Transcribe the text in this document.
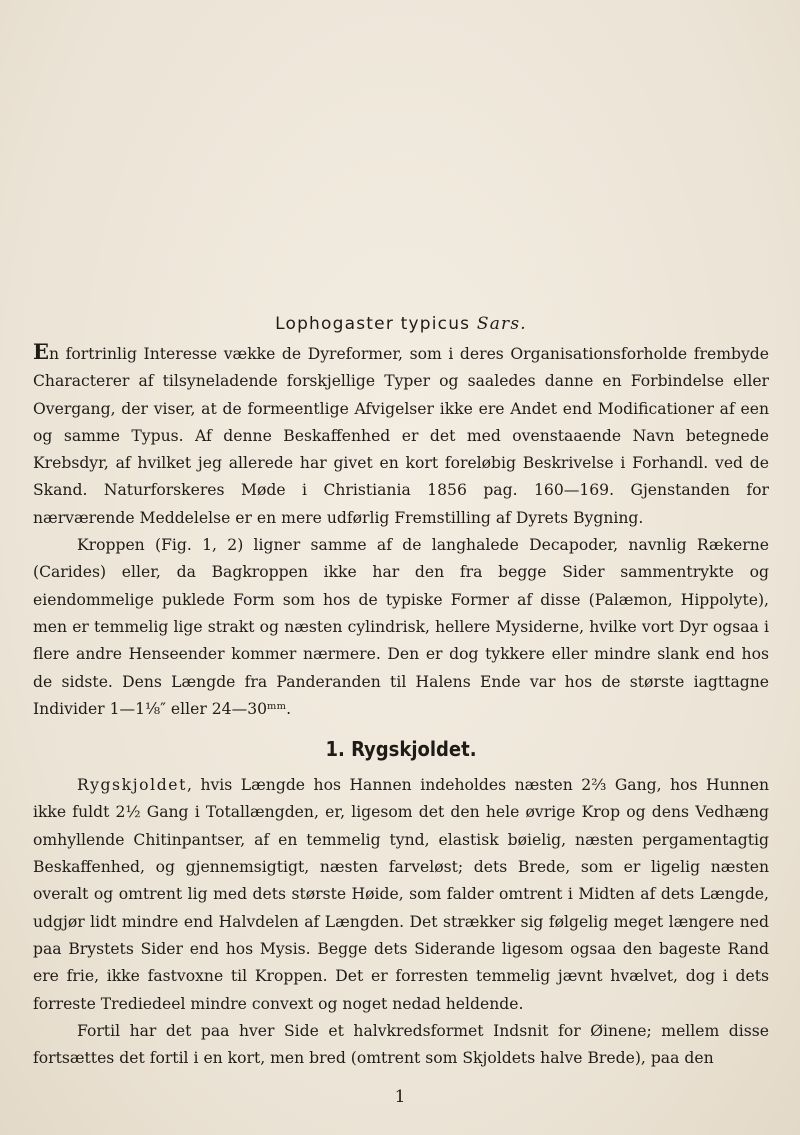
Lophogaster typicus Sars.

En fortrinlig Interesse vække de Dyreformer, som i deres Organisationsforholde frembyde Characterer af tilsyneladende forskjellige Typer og saaledes danne en Forbindelse eller Overgang, der viser, at de formeentlige Afvigelser ikke ere Andet end Modificationer af een og samme Typus. Af denne Beskaffenhed er det med ovenstaaende Navn betegnede Krebsdyr, af hvilket jeg allerede har givet en kort foreløbig Beskrivelse i Forhandl. ved de Skand. Naturforskeres Møde i Christiania 1856 pag. 160—169. Gjenstanden for nærværende Meddelelse er en mere udførlig Fremstilling af Dyrets Bygning.

Kroppen (Fig. 1, 2) ligner samme af de langhalede Decapoder, navnlig Rækerne (Carides) eller, da Bagkroppen ikke har den fra begge Sider sammentrykte og eiendommelige puklede Form som hos de typiske Former af disse (Palæmon, Hippolyte), men er temmelig lige strakt og næsten cylindrisk, hellere Mysiderne, hvilke vort Dyr ogsaa i flere andre Henseender kommer nærmere. Den er dog tykkere eller mindre slank end hos de sidste. Dens Længde fra Panderanden til Halens Ende var hos de største iagttagne Individer 1—1⅛″ eller 24—30ᵐᵐ.

1. Rygskjoldet.

Rygskjoldet, hvis Længde hos Hannen indeholdes næsten 2⅔ Gang, hos Hunnen ikke fuldt 2½ Gang i Totallængden, er, ligesom det den hele øvrige Krop og dens Vedhæng omhyllende Chitinpantser, af en temmelig tynd, elastisk bøielig, næsten pergamentagtig Beskaffenhed, og gjennemsigtigt, næsten farveløst; dets Brede, som er ligelig næsten overalt og omtrent lig med dets største Høide, som falder omtrent i Midten af dets Længde, udgjør lidt mindre end Halvdelen af Længden. Det strækker sig følgelig meget længere ned paa Brystets Sider end hos Mysis. Begge dets Siderande ligesom ogsaa den bageste Rand ere frie, ikke fastvoxne til Kroppen. Det er forresten temmelig jævnt hvælvet, dog i dets forreste Trediedeel mindre convext og noget nedad heldende.

Fortil har det paa hver Side et halvkredsformet Indsnit for Øinene; mellem disse fortsættes det fortil i en kort, men bred (omtrent som Skjoldets halve Brede), paa den

1
